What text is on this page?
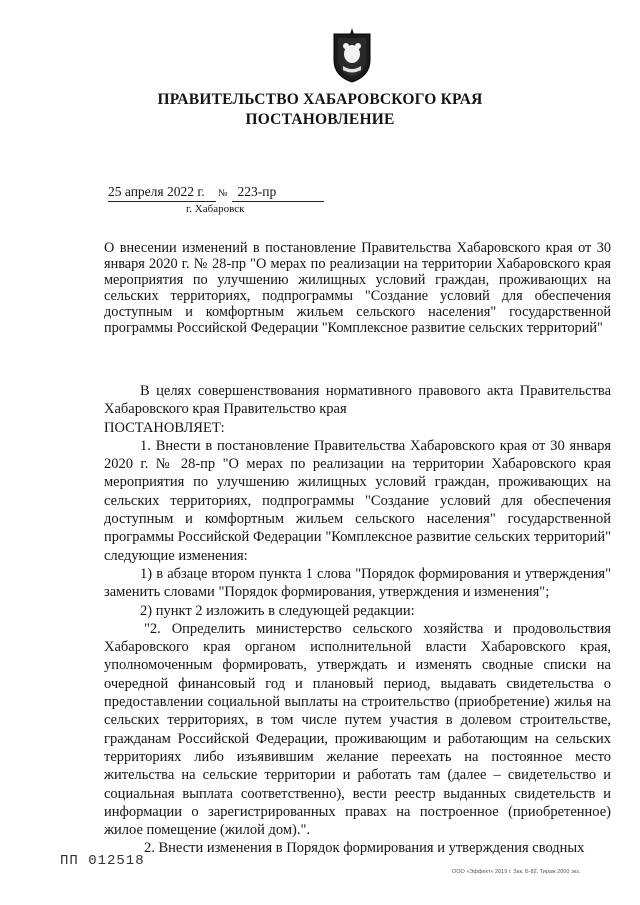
ПРАВИТЕЛЬСТВО ХАБАРОВСКОГО КРАЯ
ПОСТАНОВЛЕНИЕ
25 апреля 2022 г. № 223-пр
г. Хабаровск
О внесении изменений в постановление Правительства Хабаровского края от 30 января 2020 г. № 28-пр "О мерах по реализации на территории Хабаровского края мероприятия по улучшению жилищных условий граждан, проживающих на сельских территориях, подпрограммы "Создание условий для обеспечения доступным и комфортным жильем сельского населения" государственной программы Российской Федерации "Комплексное развитие сельских территорий"

В целях совершенствования нормативного правового акта Правительства Хабаровского края Правительство края

ПОСТАНОВЛЯЕТ:

1. Внести в постановление Правительства Хабаровского края от 30 января 2020 г. № 28-пр "О мерах по реализации на территории Хабаровского края мероприятия по улучшению жилищных условий граждан, проживающих на сельских территориях, подпрограммы "Создание условий для обеспечения доступным и комфортным жильем сельского населения" государственной программы Российской Федерации "Комплексное развитие сельских территорий" следующие изменения:

1) в абзаце втором пункта 1 слова "Порядок формирования и утверждения" заменить словами "Порядок формирования, утверждения и изменения";

2) пункт 2 изложить в следующей редакции:

"2. Определить министерство сельского хозяйства и продовольствия Хабаровского края органом исполнительной власти Хабаровского края, уполномоченным формировать, утверждать и изменять сводные списки на очередной финансовый год и плановый период, выдавать свидетельства о предоставлении социальной выплаты на строительство (приобретение) жилья на сельских территориях, в том числе путем участия в долевом строительстве, гражданам Российской Федерации, проживающим и работающим на сельских территориях либо изъявившим желание переехать на постоянное место жительства на сельские территории и работать там (далее – свидетельство и социальная выплата соответственно), вести реестр выданных свидетельств и информации о зарегистрированных правах на построенное (приобретенное) жилое помещение (жилой дом).".

2. Внести изменения в Порядок формирования и утверждения сводных

ПП 012518
ООО «Эффект» 2019 г. Зак. Б-82. Тираж 2000 экз.
